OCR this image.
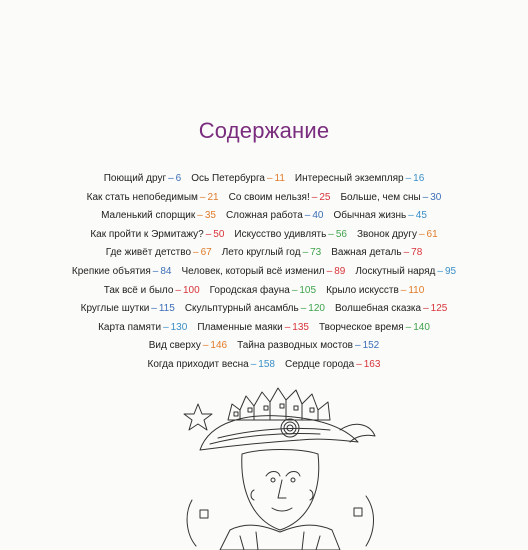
Содержание
Поющий друг – 6 Ось Петербурга – 11 Интересный экземпляр – 16
Как стать непобедимым – 21 Со своим нельзя! – 25 Больше, чем сны – 30
Маленький спорщик – 35 Сложная работа – 40 Обычная жизнь – 45
Как пройти к Эрмитажу? – 50 Искусство удивлять – 56 Звонок другу – 61
Где живёт детство – 67 Лето круглый год – 73 Важная деталь – 78
Крепкие объятия – 84 Человек, который всё изменил – 89 Лоскутный наряд – 95
Так всё и было – 100 Городская фауна – 105 Крыло искусств – 110
Круглые шутки – 115 Скульптурный ансамбль – 120 Волшебная сказка – 125
Карта памяти – 130 Пламенные маяки – 135 Творческое время – 140
Вид сверху – 146 Тайна разводных мостов – 152
Когда приходит весна – 158 Сердце города – 163
